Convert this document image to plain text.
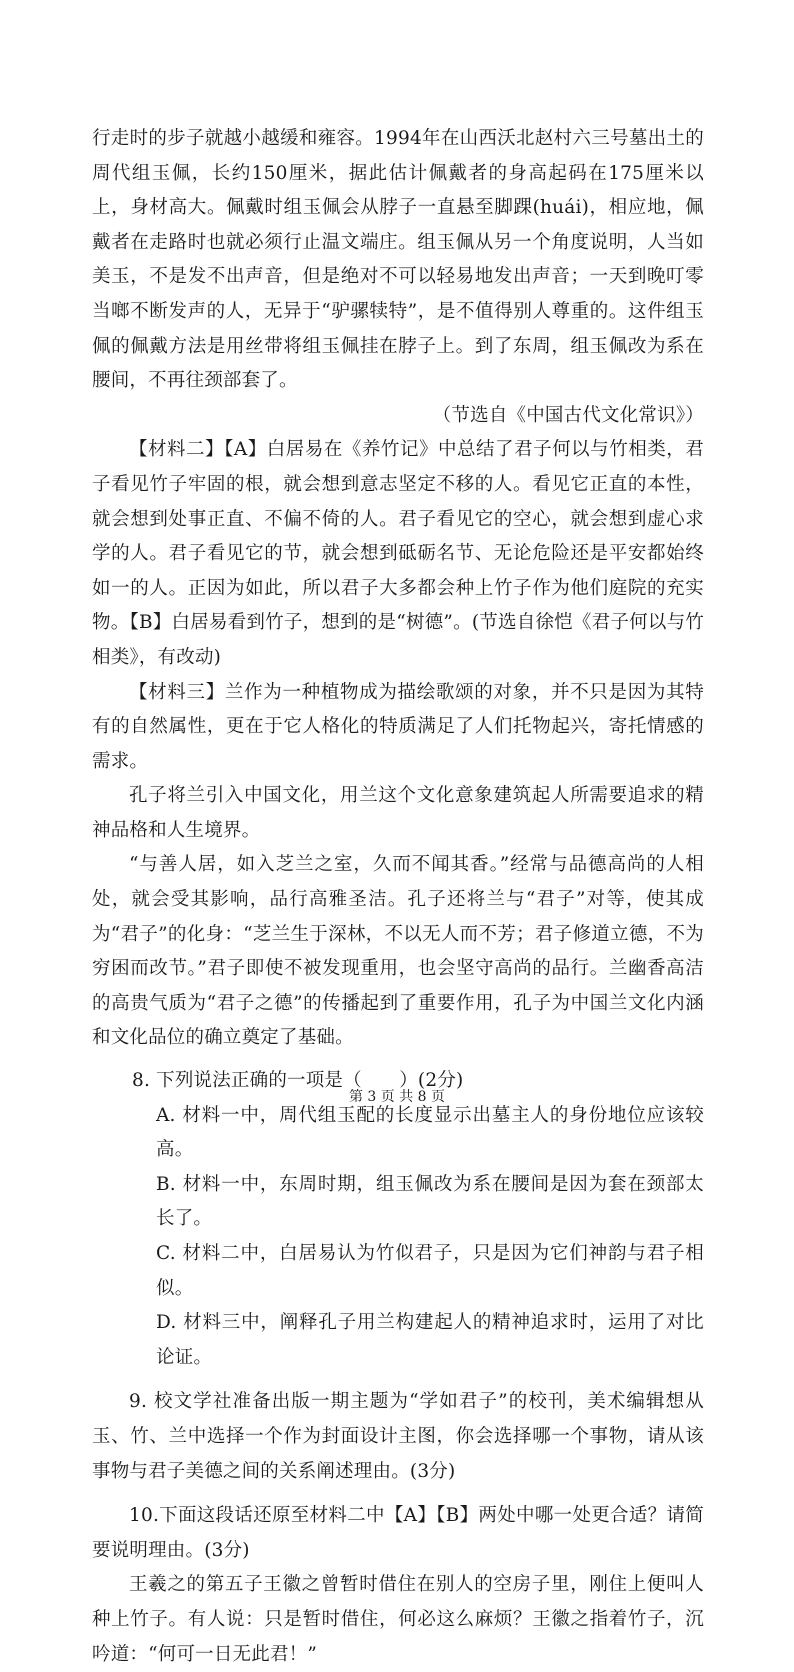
行走时的步子就越小越缓和雍容。1994年在山西沃北赵村六三号墓出土的周代组玉佩，长约150厘米，据此估计佩戴者的身高起码在175厘米以上，身材高大。佩戴时组玉佩会从脖子一直悬至脚踝(huái)，相应地，佩戴者在走路时也就必须行止温文端庄。组玉佩从另一个角度说明，人当如美玉，不是发不出声音，但是绝对不可以轻易地发出声音；一天到晚叮零当啷不断发声的人，无异于“驴骡犊特”，是不值得别人尊重的。这件组玉佩的佩戴方法是用丝带将组玉佩挂在脖子上。到了东周，组玉佩改为系在腰间，不再往颈部套了。

（节选自《中国古代文化常识》）

【材料二】【A】白居易在《养竹记》中总结了君子何以与竹相类，君子看见竹子牢固的根，就会想到意志坚定不移的人。看见它正直的本性，就会想到处事正直、不偏不倚的人。君子看见它的空心，就会想到虚心求学的人。君子看见它的节，就会想到砥砺名节、无论危险还是平安都始终如一的人。正因为如此，所以君子大多都会种上竹子作为他们庭院的充实物。【B】白居易看到竹子，想到的是“树德”。(节选自徐恺《君子何以与竹相类》，有改动)

【材料三】兰作为一种植物成为描绘歌颂的对象，并不只是因为其特有的自然属性，更在于它人格化的特质满足了人们托物起兴，寄托情感的需求。

孔子将兰引入中国文化，用兰这个文化意象建筑起人所需要追求的精神品格和人生境界。

“与善人居，如入芝兰之室，久而不闻其香。”经常与品德高尚的人相处，就会受其影响，品行高雅圣洁。孔子还将兰与“君子”对等，使其成为“君子”的化身：“芝兰生于深林，不以无人而不芳；君子修道立德，不为穷困而改节。”君子即使不被发现重用，也会坚守高尚的品行。兰幽香高洁的高贵气质为“君子之德”的传播起到了重要作用，孔子为中国兰文化内涵和文化品位的确立奠定了基础。

8. 下列说法正确的一项是（　　）(2分)

A. 材料一中，周代组玉配的长度显示出墓主人的身份地位应该较高。

B. 材料一中，东周时期，组玉佩改为系在腰间是因为套在颈部太长了。

C. 材料二中，白居易认为竹似君子，只是因为它们神韵与君子相似。

D. 材料三中，阐释孔子用兰构建起人的精神追求时，运用了对比论证。

9. 校文学社准备出版一期主题为“学如君子”的校刊，美术编辑想从玉、竹、兰中选择一个作为封面设计主图，你会选择哪一个事物，请从该事物与君子美德之间的关系阐述理由。(3分)

10.下面这段话还原至材料二中【A】【B】两处中哪一处更合适？请简要说明理由。(3分)

王羲之的第五子王徽之曾暂时借住在别人的空房子里，刚住上便叫人种上竹子。有人说：只是暂时借住，何必这么麻烦？王徽之指着竹子，沉吟道：“何可一日无此君！”

第 3 页 共 8 页
